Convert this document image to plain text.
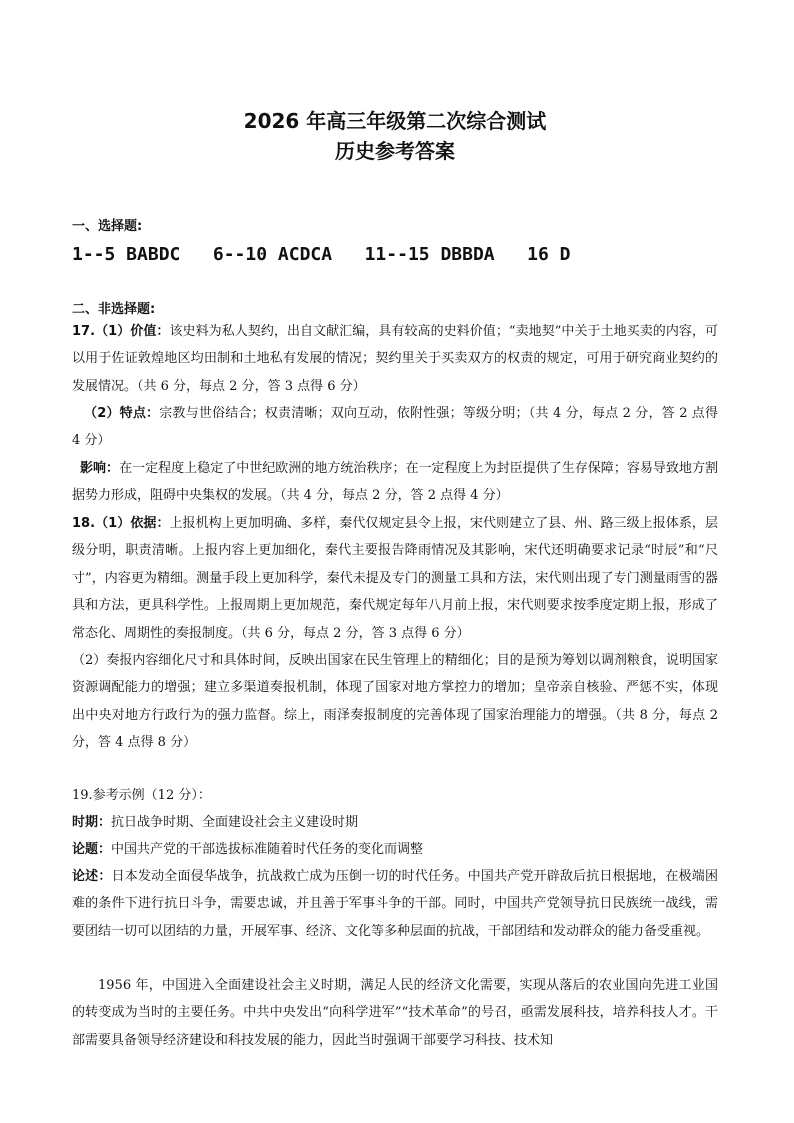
2026 年高三年级第二次综合测试
历史参考答案
一、选择题:
1--5 BABDC   6--10 ACDCA   11--15 DBBDA   16 D
二、非选择题:
17.（1）价值：该史料为私人契约，出自文献汇编，具有较高的史料价值；“卖地契”中关于土地买卖的内容，可以用于佐证敦煌地区均田制和土地私有发展的情况；契约里关于买卖双方的权责的规定，可用于研究商业契约的发展情况。（共 6 分，每点 2 分，答 3 点得 6 分）
（2）特点：宗教与世俗结合；权责清晰；双向互动，依附性强；等级分明；（共 4 分，每点 2 分，答 2 点得 4 分）
影响：在一定程度上稳定了中世纪欧洲的地方统治秩序；在一定程度上为封臣提供了生存保障；容易导致地方割据势力形成，阻碍中央集权的发展。（共 4 分，每点 2 分，答 2 点得 4 分）
18.（1）依据：上报机构上更加明确、多样，秦代仅规定县令上报，宋代则建立了县、州、路三级上报体系，层级分明，职责清晰。上报内容上更加细化，秦代主要报告降雨情况及其影响，宋代还明确要求记录“时辰”和“尺寸”，内容更为精细。测量手段上更加科学，秦代未提及专门的测量工具和方法，宋代则出现了专门测量雨雪的器具和方法，更具科学性。上报周期上更加规范，秦代规定每年八月前上报，宋代则要求按季度定期上报，形成了常态化、周期性的奏报制度。（共 6 分，每点 2 分，答 3 点得 6 分）
（2）奏报内容细化尺寸和具体时间，反映出国家在民生管理上的精细化；目的是预为筹划以调剂粮食，说明国家资源调配能力的增强；建立多渠道奏报机制，体现了国家对地方掌控力的增加；皇帝亲自核验、严惩不实，体现出中央对地方行政行为的强力监督。综上，雨泽奏报制度的完善体现了国家治理能力的增强。（共 8 分，每点 2 分，答 4 点得 8 分）
19.参考示例（12 分）：
时期：抗日战争时期、全面建设社会主义建设时期
论题：中国共产党的干部选拔标准随着时代任务的变化而调整
论述：日本发动全面侵华战争，抗战救亡成为压倒一切的时代任务。中国共产党开辟敌后抗日根据地，在极端困难的条件下进行抗日斗争，需要忠诚，并且善于军事斗争的干部。同时，中国共产党领导抗日民族统一战线，需要团结一切可以团结的力量，开展军事、经济、文化等多种层面的抗战，干部团结和发动群众的能力备受重视。
1956 年，中国进入全面建设社会主义时期，满足人民的经济文化需要，实现从落后的农业国向先进工业国的转变成为当时的主要任务。中共中央发出“向科学进军”“技术革命”的号召，亟需发展科技，培养科技人才。干部需要具备领导经济建设和科技发展的能力，因此当时强调干部要学习科技、技术知
